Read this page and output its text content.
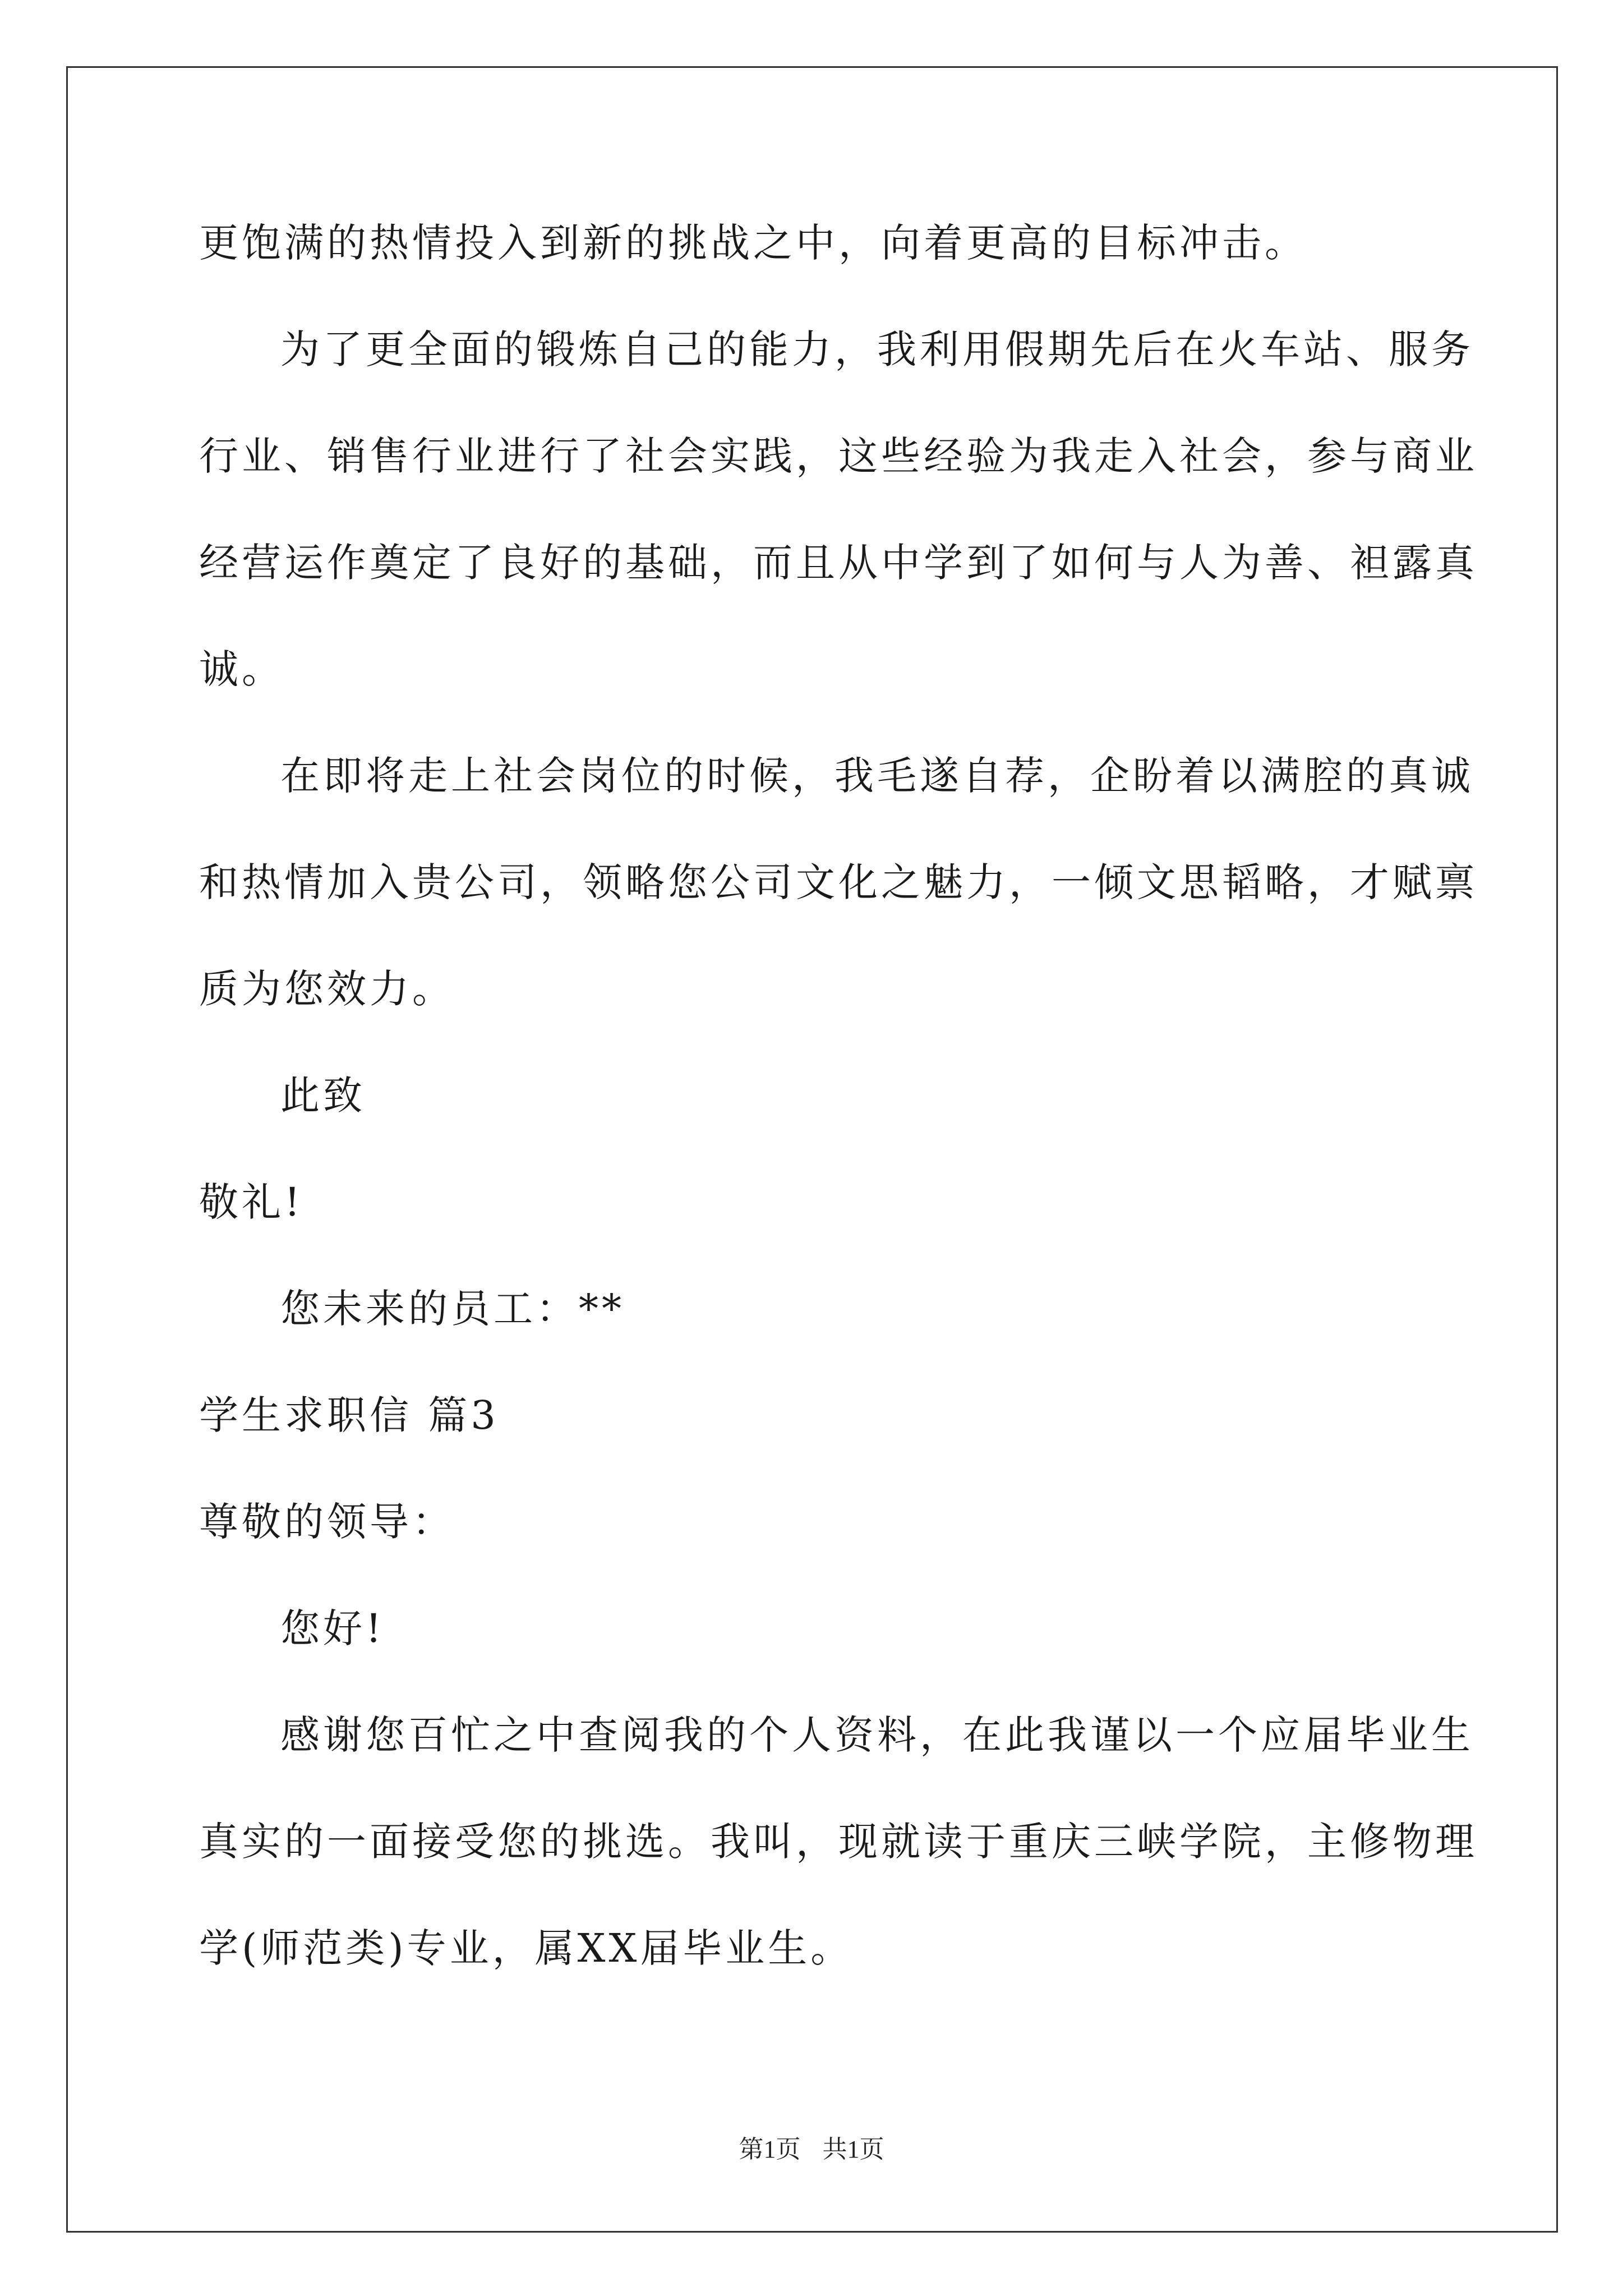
更饱满的热情投入到新的挑战之中，向着更高的目标冲击。
为了更全面的锻炼自己的能力，我利用假期先后在火车站、服务
行业、销售行业进行了社会实践，这些经验为我走入社会，参与商业
经营运作奠定了良好的基础，而且从中学到了如何与人为善、袒露真
诚。
在即将走上社会岗位的时候，我毛遂自荐，企盼着以满腔的真诚
和热情加入贵公司，领略您公司文化之魅力，一倾文思韬略，才赋禀
质为您效力。
此致
敬礼!
您未来的员工：**
学生求职信 篇3
尊敬的领导：
您好!
感谢您百忙之中查阅我的个人资料，在此我谨以一个应届毕业生
真实的一面接受您的挑选。我叫，现就读于重庆三峡学院，主修物理
学(师范类)专业，属XX届毕业生。
第1页 共1页
